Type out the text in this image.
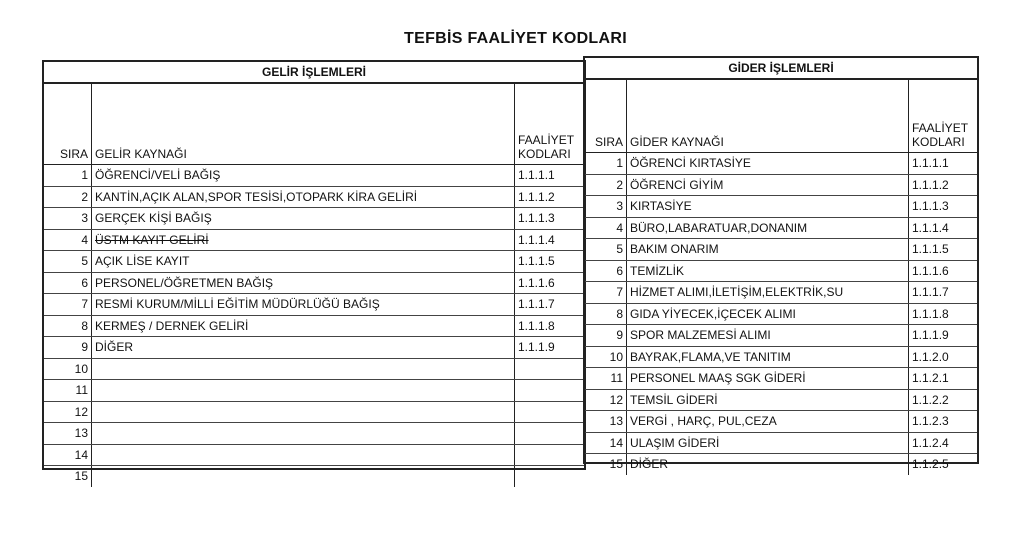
TEFBİS FAALİYET KODLARI
GELİR İŞLEMLERİ
SIRA GELİR KAYNAĞI
FAALİYET
KODLARI
1 ÖĞRENCİ/VELİ BAĞIŞ	1.1.1.1
2 KANTİN,AÇIK ALAN,SPOR TESİSİ,OTOPARK KİRA GELİRİ	1.1.1.2
3 GERÇEK KİŞİ BAĞIŞ	1.1.1.3
4 ÜSTM KAYIT GELİRİ	1.1.1.4
5 AÇIK LİSE KAYIT	1.1.1.5
6 PERSONEL/ÖĞRETMEN BAĞIŞ	1.1.1.6
7 RESMİ KURUM/MİLLİ EĞİTİM MÜDÜRLÜĞÜ BAĞIŞ	1.1.1.7
8 KERMEŞ / DERNEK GELİRİ	1.1.1.8
9 DİĞER	1.1.1.9
10
11
12
13
14
15
GİDER İŞLEMLERİ
SIRA GİDER KAYNAĞI
FAALİYET
KODLARI
1 ÖĞRENCİ KIRTASİYE	1.1.1.1
2 ÖĞRENCİ GİYİM	1.1.1.2
3 KIRTASİYE	1.1.1.3
4 BÜRO,LABARATUAR,DONANIM	1.1.1.4
5 BAKIM ONARIM	1.1.1.5
6 TEMİZLİK	1.1.1.6
7 HİZMET ALIMI,İLETİŞİM,ELEKTRİK,SU	1.1.1.7
8 GIDA YİYECEK,İÇECEK ALIMI	1.1.1.8
9 SPOR MALZEMESİ ALIMI	1.1.1.9
10 BAYRAK,FLAMA,VE TANITIM	1.1.2.0
11 PERSONEL MAAŞ SGK GİDERİ	1.1.2.1
12 TEMSİL GİDERİ	1.1.2.2
13 VERGİ , HARÇ, PUL,CEZA	1.1.2.3
14 ULAŞIM GİDERİ	1.1.2.4
15 DİĞER	1.1.2.5
